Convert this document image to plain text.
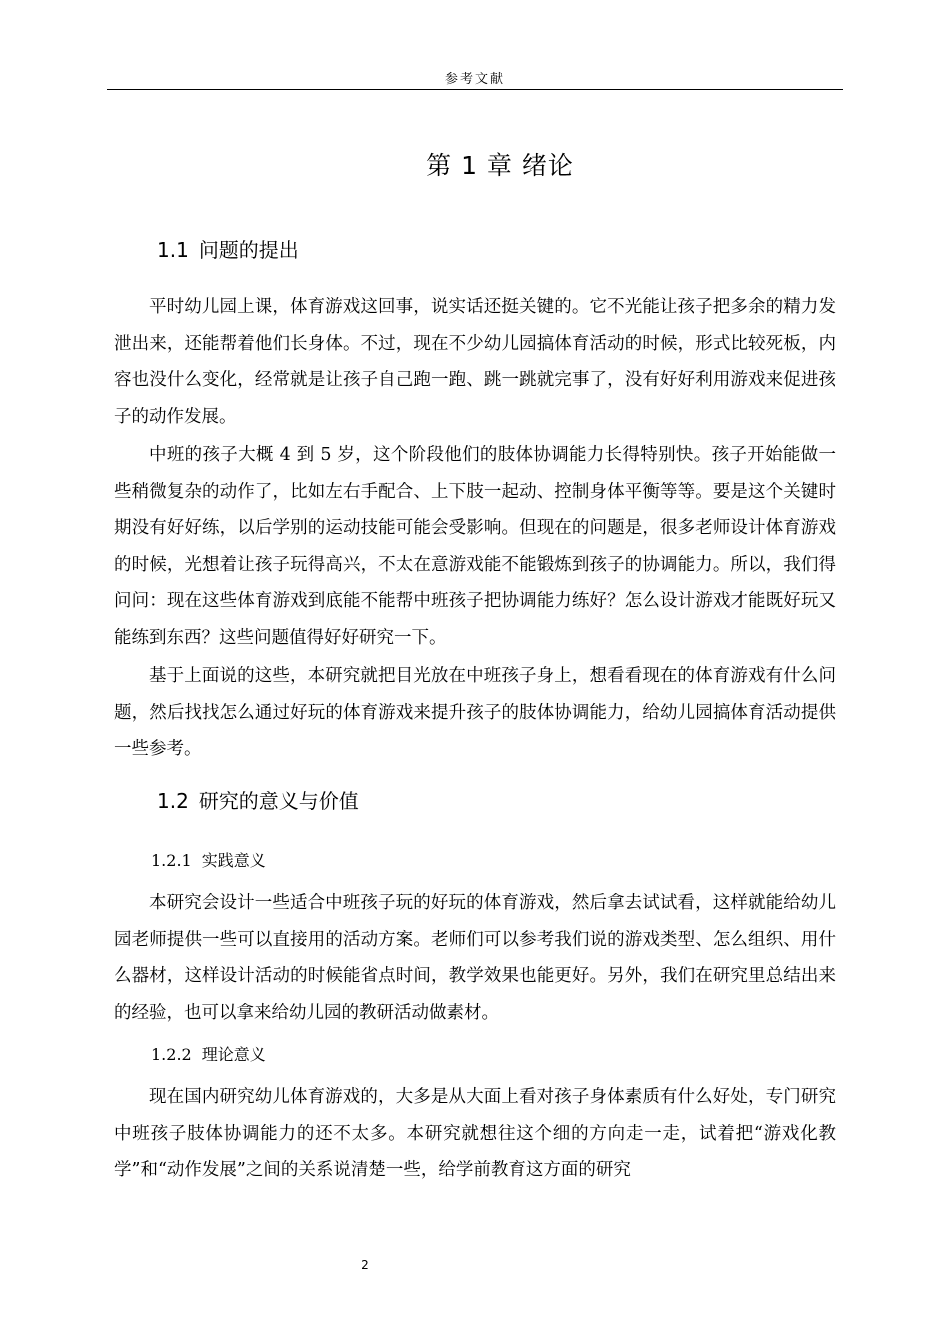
参考文献
第 1 章 绪论
1.1 问题的提出

平时幼儿园上课，体育游戏这回事，说实话还挺关键的。它不光能让孩子把多余的精力发泄出来，还能帮着他们长身体。不过，现在不少幼儿园搞体育活动的时候，形式比较死板，内容也没什么变化，经常就是让孩子自己跑一跑、跳一跳就完事了，没有好好利用游戏来促进孩子的动作发展。

中班的孩子大概 4 到 5 岁，这个阶段他们的肢体协调能力长得特别快。孩子开始能做一些稍微复杂的动作了，比如左右手配合、上下肢一起动、控制身体平衡等等。要是这个关键时期没有好好练，以后学别的运动技能可能会受影响。但现在的问题是，很多老师设计体育游戏的时候，光想着让孩子玩得高兴，不太在意游戏能不能锻炼到孩子的协调能力。所以，我们得问问：现在这些体育游戏到底能不能帮中班孩子把协调能力练好？怎么设计游戏才能既好玩又能练到东西？这些问题值得好好研究一下。

基于上面说的这些，本研究就把目光放在中班孩子身上，想看看现在的体育游戏有什么问题，然后找找怎么通过好玩的体育游戏来提升孩子的肢体协调能力，给幼儿园搞体育活动提供一些参考。

1.2 研究的意义与价值
1.2.1 实践意义

本研究会设计一些适合中班孩子玩的好玩的体育游戏，然后拿去试试看，这样就能给幼儿园老师提供一些可以直接用的活动方案。老师们可以参考我们说的游戏类型、怎么组织、用什么器材，这样设计活动的时候能省点时间，教学效果也能更好。另外，我们在研究里总结出来的经验，也可以拿来给幼儿园的教研活动做素材。

1.2.2 理论意义

现在国内研究幼儿体育游戏的，大多是从大面上看对孩子身体素质有什么好处，专门研究中班孩子肢体协调能力的还不太多。本研究就想往这个细的方向走一走，试着把“游戏化教学”和“动作发展”之间的关系说清楚一些，给学前教育这方面的研究

2
